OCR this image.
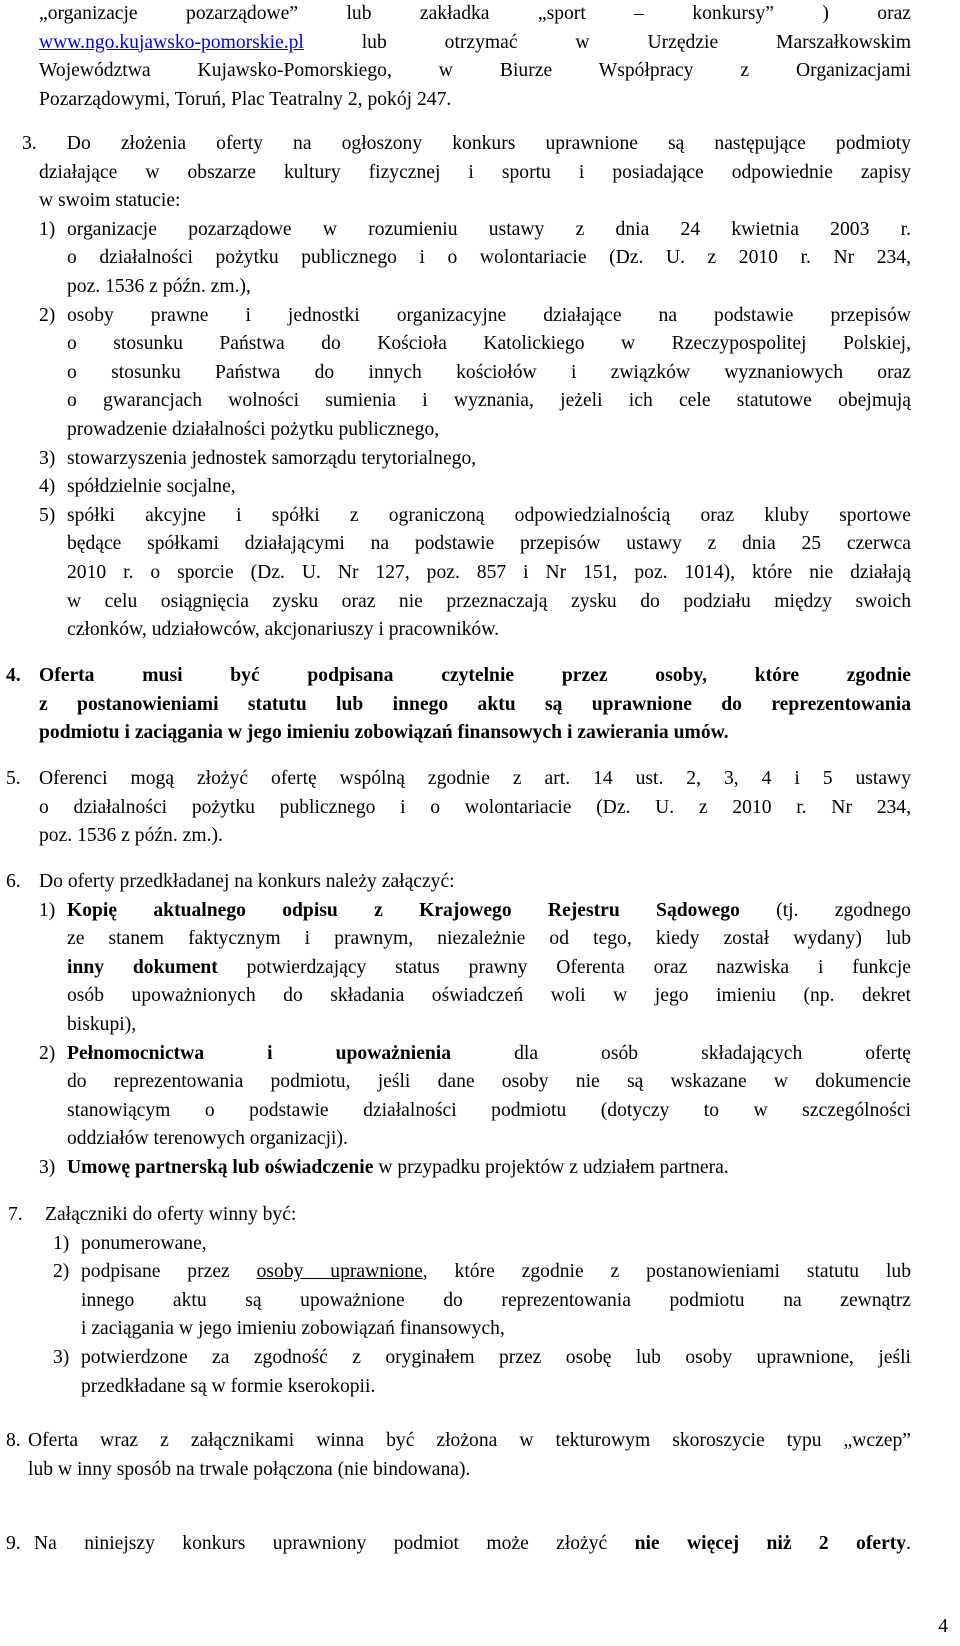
„organizacje pozarządowe” lub zakładka „sport – konkursy” ) oraz
www.ngo.kujawsko-pomorskie.pl lub otrzymać w Urzędzie Marszałkowskim
Województwa Kujawsko-Pomorskiego, w Biurze Współpracy z Organizacjami
Pozarządowymi, Toruń, Plac Teatralny 2, pokój 247.
3. Do złożenia oferty na ogłoszony konkurs uprawnione są następujące podmioty
działające w obszarze kultury fizycznej i sportu i posiadające odpowiednie zapisy
w swoim statucie:
1) organizacje pozarządowe w rozumieniu ustawy z dnia 24 kwietnia 2003 r.
o działalności pożytku publicznego i o wolontariacie (Dz. U. z 2010 r. Nr 234,
poz. 1536 z późn. zm.),
2) osoby prawne i jednostki organizacyjne działające na podstawie przepisów
o stosunku Państwa do Kościoła Katolickiego w Rzeczypospolitej Polskiej,
o stosunku Państwa do innych kościołów i związków wyznaniowych oraz
o gwarancjach wolności sumienia i wyznania, jeżeli ich cele statutowe obejmują
prowadzenie działalności pożytku publicznego,
3) stowarzyszenia jednostek samorządu terytorialnego,
4) spółdzielnie socjalne,
5) spółki akcyjne i spółki z ograniczoną odpowiedzialnością oraz kluby sportowe
będące spółkami działającymi na podstawie przepisów ustawy z dnia 25 czerwca
2010 r. o sporcie (Dz. U. Nr 127, poz. 857 i Nr 151, poz. 1014), które nie działają
w celu osiągnięcia zysku oraz nie przeznaczają zysku do podziału między swoich
członków, udziałowców, akcjonariuszy i pracowników.
4. Oferta musi być podpisana czytelnie przez osoby, które zgodnie
z postanowieniami statutu lub innego aktu są uprawnione do reprezentowania
podmiotu i zaciągania w jego imieniu zobowiązań finansowych i zawierania umów.
5. Oferenci mogą złożyć ofertę wspólną zgodnie z art. 14 ust. 2, 3, 4 i 5 ustawy
o działalności pożytku publicznego i o wolontariacie (Dz. U. z 2010 r. Nr 234,
poz. 1536 z późn. zm.).
6. Do oferty przedkładanej na konkurs należy załączyć:
1) Kopię aktualnego odpisu z Krajowego Rejestru Sądowego (tj. zgodnego
ze stanem faktycznym i prawnym, niezależnie od tego, kiedy został wydany) lub
inny dokument potwierdzający status prawny Oferenta oraz nazwiska i funkcje
osób upoważnionych do składania oświadczeń woli w jego imieniu (np. dekret
biskupi),
2) Pełnomocnictwa i upoważnienia dla osób składających ofertę
do reprezentowania podmiotu, jeśli dane osoby nie są wskazane w dokumencie
stanowiącym o podstawie działalności podmiotu (dotyczy to w szczególności
oddziałów terenowych organizacji).
3) Umowę partnerską lub oświadczenie w przypadku projektów z udziałem partnera.
7. Załączniki do oferty winny być:
1) ponumerowane,
2) podpisane przez osoby uprawnione, które zgodnie z postanowieniami statutu lub
innego aktu są upoważnione do reprezentowania podmiotu na zewnątrz
i zaciągania w jego imieniu zobowiązań finansowych,
3) potwierdzone za zgodność z oryginałem przez osobę lub osoby uprawnione, jeśli
przedkładane są w formie kserokopii.
8. Oferta wraz z załącznikami winna być złożona w tekturowym skoroszycie typu „wczep”
lub w inny sposób na trwale połączona (nie bindowana).
9. Na niniejszy konkurs uprawniony podmiot może złożyć nie więcej niż 2 oferty.
4
